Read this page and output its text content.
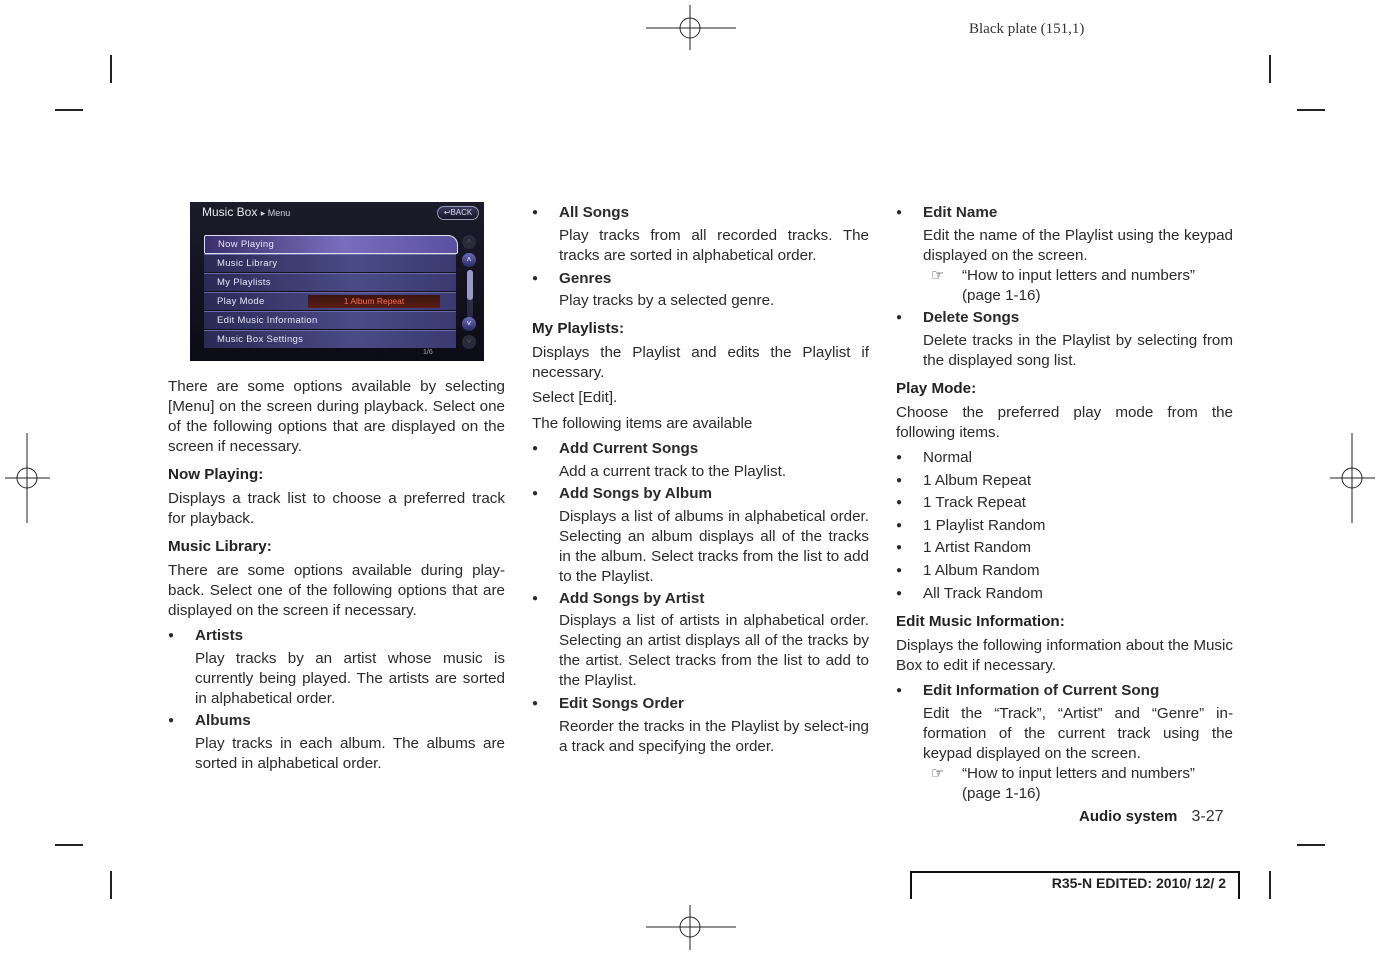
Black plate (151,1)
Music Box ▸ Menu	↩BACK
Now Playing
Music Library
My Playlists
Play Mode	1 Album Repeat
Edit Music Information
Music Box Settings
˄
˄
˅
˅
1/6

There are some options available by selecting [Menu] on the screen during playback. Select one of the following options that are displayed on the screen if necessary.

Now Playing:

Displays a track list to choose a preferred track for playback.

Music Library:

There are some options available during play-back. Select one of the following options that are displayed on the screen if necessary.

● Artists

Play tracks by an artist whose music is currently being played. The artists are sorted in alphabetical order.

● Albums

Play tracks in each album. The albums are sorted in alphabetical order.

● All Songs

Play tracks from all recorded tracks. The tracks are sorted in alphabetical order.

● Genres

Play tracks by a selected genre.

My Playlists:

Displays the Playlist and edits the Playlist if necessary.

Select [Edit].

The following items are available

● Add Current Songs

Add a current track to the Playlist.

● Add Songs by Album

Displays a list of albums in alphabetical order. Selecting an album displays all of the tracks in the album. Select tracks from the list to add to the Playlist.

● Add Songs by Artist

Displays a list of artists in alphabetical order. Selecting an artist displays all of the tracks by the artist. Select tracks from the list to add to the Playlist.

● Edit Songs Order

Reorder the tracks in the Playlist by select-ing a track and specifying the order.

● Edit Name

Edit the name of the Playlist using the keypad displayed on the screen.

☞ “How to input letters and numbers” (page 1-16)
● Delete Songs

Delete tracks in the Playlist by selecting from the displayed song list.

Play Mode:

Choose the preferred play mode from the following items.

● Normal
● 1 Album Repeat
● 1 Track Repeat
● 1 Playlist Random
● 1 Artist Random
● 1 Album Random
● All Track Random
Edit Music Information:

Displays the following information about the Music Box to edit if necessary.

● Edit Information of Current Song

Edit the “Track”, “Artist” and “Genre” in-formation of the current track using the keypad displayed on the screen.

☞ “How to input letters and numbers” (page 1-16)
Audio system 3-27
R35-N EDITED: 2010/ 12/ 2
